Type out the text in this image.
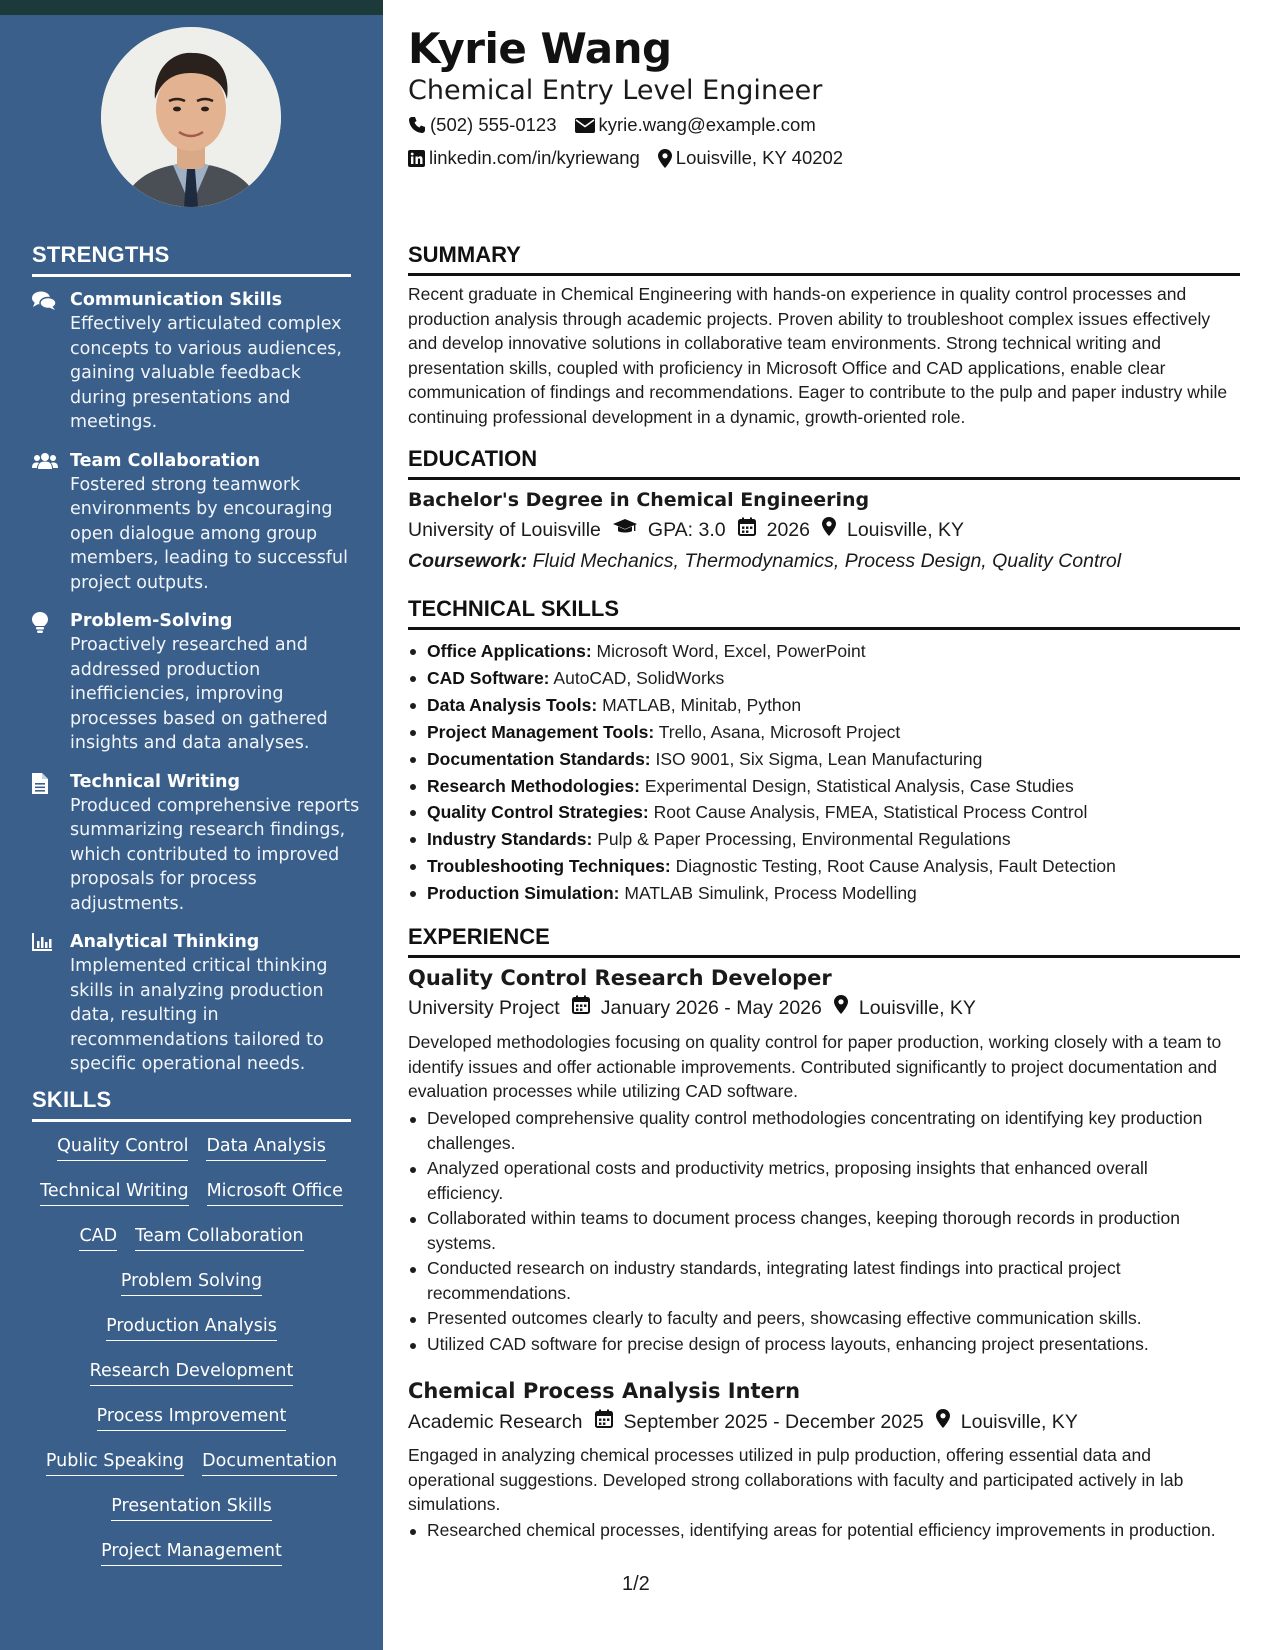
STRENGTHS
Communication Skills
Effectively articulated complex concepts to various audiences, gaining valuable feedback during presentations and meetings.
Team Collaboration
Fostered strong teamwork environments by encouraging open dialogue among group members, leading to successful project outputs.
Problem-Solving
Proactively researched and addressed production inefficiencies, improving processes based on gathered insights and data analyses.
Technical Writing
Produced comprehensive reports summarizing research findings, which contributed to improved proposals for process adjustments.
Analytical Thinking
Implemented critical thinking skills in analyzing production data, resulting in recommendations tailored to specific operational needs.
SKILLS
Quality Control Data Analysis
Technical Writing Microsoft Office
CAD Team Collaboration
Problem Solving
Production Analysis
Research Development
Process Improvement
Public Speaking Documentation
Presentation Skills
Project Management
Kyrie Wang
Chemical Entry Level Engineer
(502) 555-0123 kyrie.wang@example.com
linkedin.com/in/kyriewang Louisville, KY 40202
SUMMARY

Recent graduate in Chemical Engineering with hands-on experience in quality control processes and production analysis through academic projects. Proven ability to troubleshoot complex issues effectively and develop innovative solutions in collaborative team environments. Strong technical writing and presentation skills, coupled with proficiency in Microsoft Office and CAD applications, enable clear communication of findings and recommendations. Eager to contribute to the pulp and paper industry while continuing professional development in a dynamic, growth-oriented role.

EDUCATION
Bachelor's Degree in Chemical Engineering
University of Louisville GPA: 3.0 2026 Louisville, KY
Coursework: Fluid Mechanics, Thermodynamics, Process Design, Quality Control
TECHNICAL SKILLS
Office Applications: Microsoft Word, Excel, PowerPoint
CAD Software: AutoCAD, SolidWorks
Data Analysis Tools: MATLAB, Minitab, Python
Project Management Tools: Trello, Asana, Microsoft Project
Documentation Standards: ISO 9001, Six Sigma, Lean Manufacturing
Research Methodologies: Experimental Design, Statistical Analysis, Case Studies
Quality Control Strategies: Root Cause Analysis, FMEA, Statistical Process Control
Industry Standards: Pulp & Paper Processing, Environmental Regulations
Troubleshooting Techniques: Diagnostic Testing, Root Cause Analysis, Fault Detection
Production Simulation: MATLAB Simulink, Process Modelling
EXPERIENCE
Quality Control Research Developer
University Project January 2026 - May 2026 Louisville, KY

Developed methodologies focusing on quality control for paper production, working closely with a team to identify issues and offer actionable improvements. Contributed significantly to project documentation and evaluation processes while utilizing CAD software.

Developed comprehensive quality control methodologies concentrating on identifying key production challenges.
Analyzed operational costs and productivity metrics, proposing insights that enhanced overall efficiency.
Collaborated within teams to document process changes, keeping thorough records in production systems.
Conducted research on industry standards, integrating latest findings into practical project recommendations.
Presented outcomes clearly to faculty and peers, showcasing effective communication skills.
Utilized CAD software for precise design of process layouts, enhancing project presentations.
Chemical Process Analysis Intern
Academic Research September 2025 - December 2025 Louisville, KY

Engaged in analyzing chemical processes utilized in pulp production, offering essential data and operational suggestions. Developed strong collaborations with faculty and participated actively in lab simulations.

Researched chemical processes, identifying areas for potential efficiency improvements in production.
1/2
